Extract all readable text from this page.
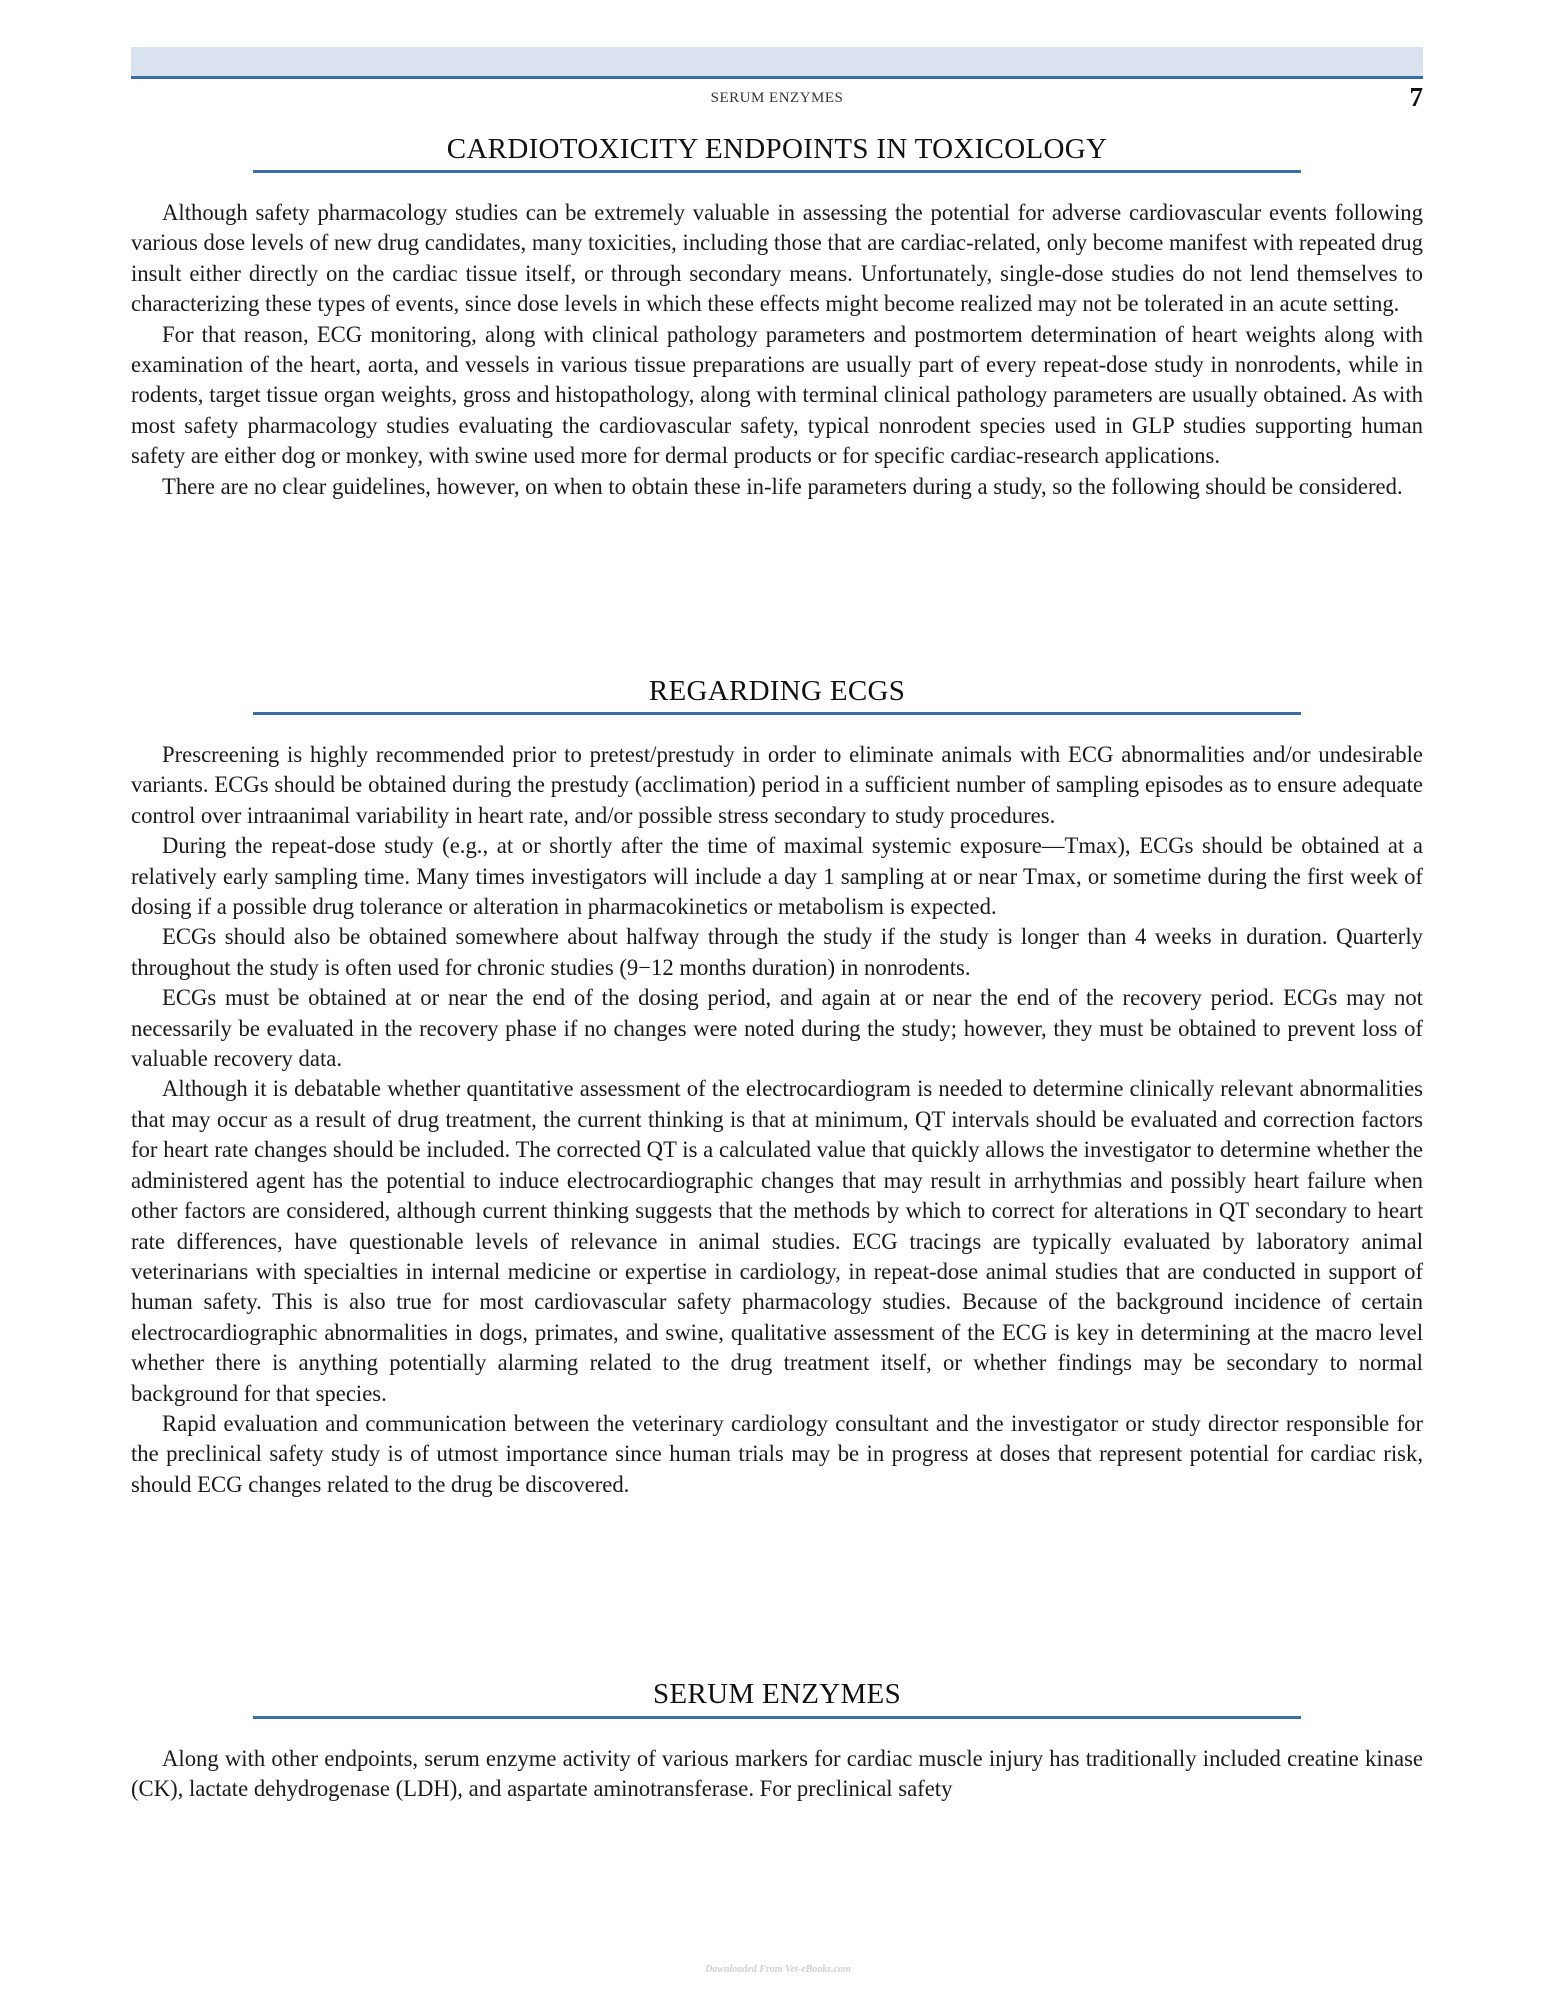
SERUM ENZYMES	7
CARDIOTOXICITY ENDPOINTS IN TOXICOLOGY

Although safety pharmacology studies can be extremely valuable in assessing the potential for adverse cardiovascular events following various dose levels of new drug candidates, many toxicities, including those that are cardiac-related, only become manifest with repeated drug insult either directly on the cardiac tissue itself, or through secondary means. Unfortunately, single-dose studies do not lend themselves to characterizing these types of events, since dose levels in which these effects might become realized may not be tolerated in an acute setting.

For that reason, ECG monitoring, along with clinical pathology parameters and postmortem determination of heart weights along with examination of the heart, aorta, and vessels in various tissue preparations are usually part of every repeat-dose study in nonrodents, while in rodents, target tissue organ weights, gross and histopathology, along with terminal clinical pathology parameters are usually obtained. As with most safety pharmacology studies evaluating the cardiovascular safety, typical nonrodent species used in GLP studies supporting human safety are either dog or monkey, with swine used more for dermal products or for specific cardiac-research applications.

There are no clear guidelines, however, on when to obtain these in-life parameters during a study, so the following should be considered.

REGARDING ECGS

Prescreening is highly recommended prior to pretest/prestudy in order to eliminate animals with ECG abnormalities and/or undesirable variants. ECGs should be obtained during the prestudy (acclimation) period in a sufficient number of sampling episodes as to ensure adequate control over intraanimal variability in heart rate, and/or possible stress secondary to study procedures.

During the repeat-dose study (e.g., at or shortly after the time of maximal systemic exposure—Tmax), ECGs should be obtained at a relatively early sampling time. Many times investigators will include a day 1 sampling at or near Tmax, or sometime during the first week of dosing if a possible drug tolerance or alteration in pharmacokinetics or metabolism is expected.

ECGs should also be obtained somewhere about halfway through the study if the study is longer than 4 weeks in duration. Quarterly throughout the study is often used for chronic studies (9−12 months duration) in nonrodents.

ECGs must be obtained at or near the end of the dosing period, and again at or near the end of the recovery period. ECGs may not necessarily be evaluated in the recovery phase if no changes were noted during the study; however, they must be obtained to prevent loss of valuable recovery data.

Although it is debatable whether quantitative assessment of the electrocardiogram is needed to determine clinically relevant abnormalities that may occur as a result of drug treatment, the current thinking is that at minimum, QT intervals should be evaluated and correction factors for heart rate changes should be included. The corrected QT is a calculated value that quickly allows the investigator to determine whether the administered agent has the potential to induce electrocardiographic changes that may result in arrhythmias and possibly heart failure when other factors are considered, although current thinking suggests that the methods by which to correct for alterations in QT secondary to heart rate differences, have questionable levels of relevance in animal studies. ECG tracings are typically evaluated by laboratory animal veterinarians with specialties in internal medicine or expertise in cardiology, in repeat-dose animal studies that are conducted in support of human safety. This is also true for most cardiovascular safety pharmacology studies. Because of the background incidence of certain electrocardiographic abnormalities in dogs, primates, and swine, qualitative assessment of the ECG is key in determining at the macro level whether there is anything potentially alarming related to the drug treatment itself, or whether findings may be secondary to normal background for that species.

Rapid evaluation and communication between the veterinary cardiology consultant and the investigator or study director responsible for the preclinical safety study is of utmost importance since human trials may be in progress at doses that represent potential for cardiac risk, should ECG changes related to the drug be discovered.

SERUM ENZYMES

Along with other endpoints, serum enzyme activity of various markers for cardiac muscle injury has traditionally included creatine kinase (CK), lactate dehydrogenase (LDH), and aspartate aminotransferase. For preclinical safety

Downloaded From Vet-eBooks.com
